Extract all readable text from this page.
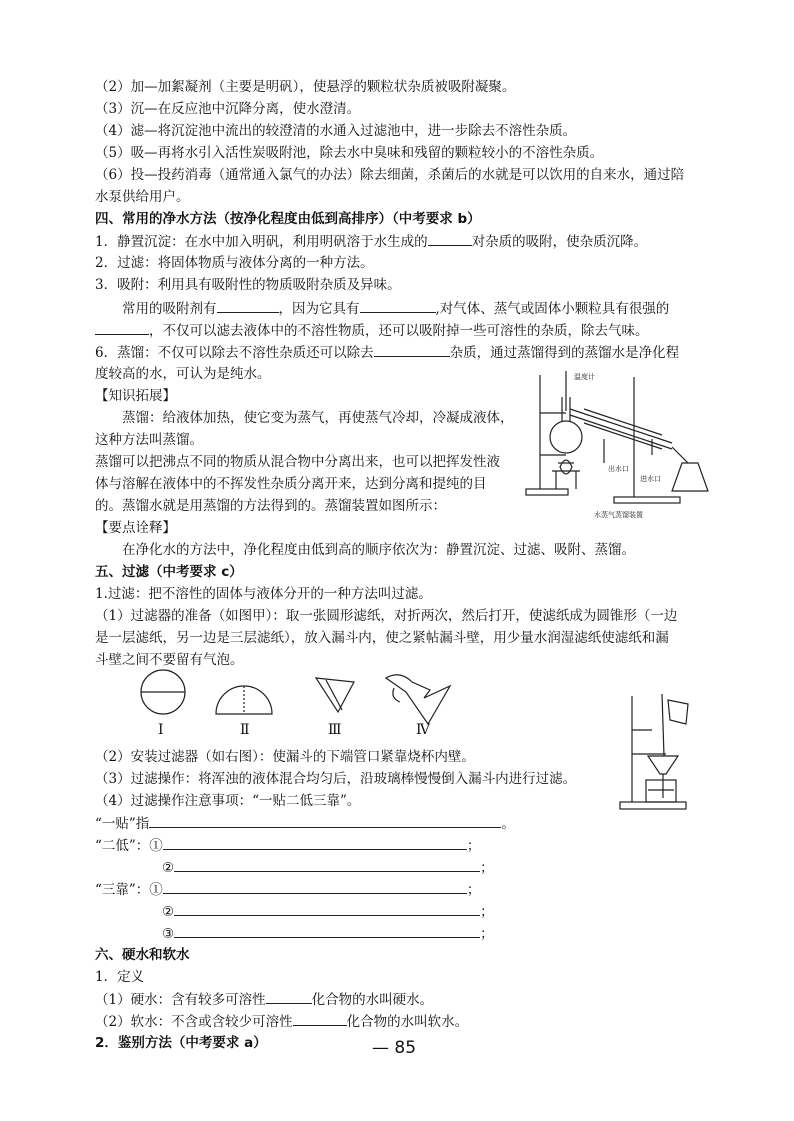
（2）加—加絮凝剂（主要是明矾），使悬浮的颗粒状杂质被吸附凝聚。
（3）沉—在反应池中沉降分离，使水澄清。
（4）滤—将沉淀池中流出的较澄清的水通入过滤池中，进一步除去不溶性杂质。
（5）吸—再将水引入活性炭吸附池，除去水中臭味和残留的颗粒较小的不溶性杂质。
（6）投—投药消毒（通常通入氯气的办法）除去细菌，杀菌后的水就是可以饮用的自来水，通过陪
水泵供给用户。
四、常用的净水方法（按净化程度由低到高排序）（中考要求 b）
1．静置沉淀：在水中加入明矾，利用明矾溶于水生成的	对杂质的吸附，使杂质沉降。
2．过滤：将固体物质与液体分离的一种方法。
3．吸附：利用具有吸附性的物质吸附杂质及异味。
常用的吸附剂有	，因为它具有	,对气体、蒸气或固体小颗粒具有很强的
，不仅可以滤去液体中的不溶性物质，还可以吸附掉一些可溶性的杂质，除去气味。
6．蒸馏：不仅可以除去不溶性杂质还可以除去	杂质，通过蒸馏得到的蒸馏水是净化程
度较高的水，可认为是纯水。
【知识拓展】
蒸馏：给液体加热，使它变为蒸气，再使蒸气冷却，冷凝成液体，
这种方法叫蒸馏。
蒸馏可以把沸点不同的物质从混合物中分离出来，也可以把挥发性液
体与溶解在液体中的不挥发性杂质分离开来，达到分离和提纯的目
的。蒸馏水就是用蒸馏的方法得到的。蒸馏装置如图所示：
【要点诠释】
在净化水的方法中，净化程度由低到高的顺序依次为：静置沉淀、过滤、吸附、蒸馏。
五、过滤（中考要求 c）
1.过滤：把不溶性的固体与液体分开的一种方法叫过滤。
（1）过滤器的准备（如图甲）：取一张圆形滤纸，对折两次，然后打开，使滤纸成为圆锥形（一边
是一层滤纸，另一边是三层滤纸），放入漏斗内，使之紧帖漏斗壁，用少量水润湿滤纸使滤纸和漏
斗壁之间不要留有气泡。
（2）安装过滤器（如右图）：使漏斗的下端管口紧靠烧杯内壁。
（3）过滤操作：将浑浊的液体混合均匀后，沿玻璃棒慢慢倒入漏斗内进行过滤。
（4）过滤操作注意事项：“一贴二低三靠”。
“一贴”指	。
“二低”：①	；
②	；
“三靠”：①	；
②	；
③	；
六、硬水和软水
1．定义
（1）硬水：含有较多可溶性	化合物的水叫硬水。
（2）软水：不含或含较少可溶性	化合物的水叫软水。
2．鉴别方法（中考要求 a）	— 85
温度计
出水口
进水口
水蒸气蒸馏装置
Ⅰ	Ⅱ	Ⅲ	Ⅳ
